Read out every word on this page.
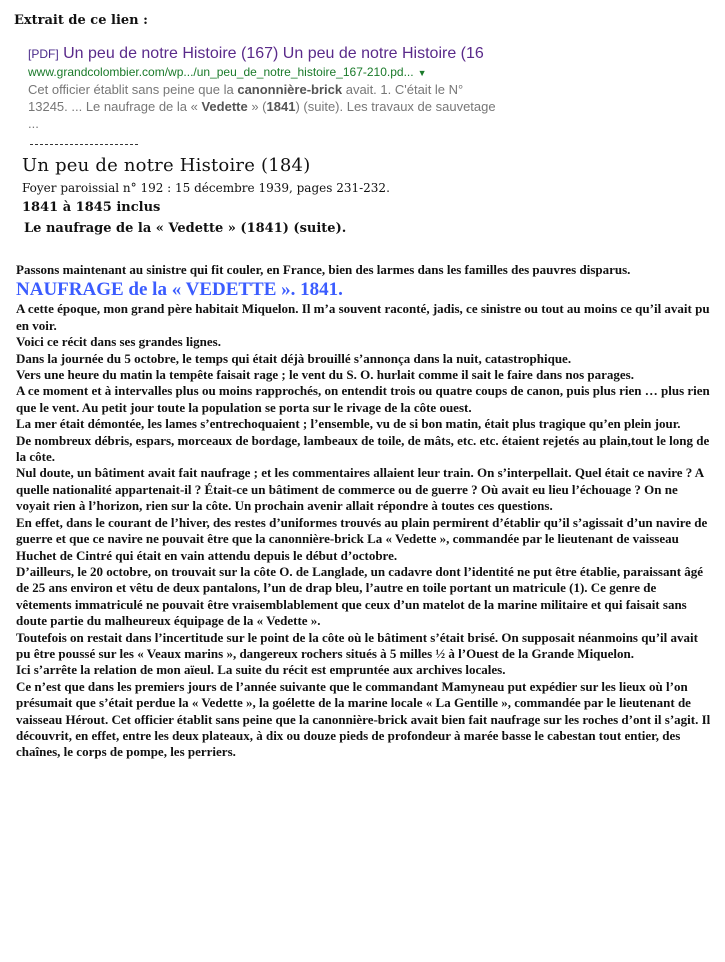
Extrait de ce lien :
[PDF] Un peu de notre Histoire (167) Un peu de notre Histoire (16
www.grandcolombier.com/wp.../un_peu_de_notre_histoire_167-210.pd... ▼
Cet officier établit sans peine que la canonnière-brick avait. 1. C'était le N° 13245. ... Le naufrage de la « Vedette » (1841) (suite). Les travaux de sauvetage ...
Un peu de notre Histoire (184)
Foyer paroissial n° 192 : 15 décembre 1939, pages 231-232.
1841 à 1845 inclus
Le naufrage de la « Vedette » (1841) (suite).

Passons maintenant au sinistre qui fit couler, en France, bien des larmes dans les familles des pauvres disparus.

NAUFRAGE de la « VEDETTE ». 1841.

A cette époque, mon grand père habitait Miquelon. Il m’a souvent raconté, jadis, ce sinistre ou tout au moins ce qu’il avait pu en voir.

Voici ce récit dans ses grandes lignes.

Dans la journée du 5 octobre, le temps qui était déjà brouillé s’annonça dans la nuit, catastrophique.

Vers une heure du matin la tempête faisait rage ; le vent du S. O. hurlait comme il sait le faire dans nos parages.

A ce moment et à intervalles plus ou moins rapprochés, on entendit trois ou quatre coups de canon, puis plus rien … plus rien que le vent. Au petit jour toute la population se porta sur le rivage de la côte ouest.

La mer était démontée, les lames s’entrechoquaient ; l’ensemble, vu de si bon matin, était plus tragique qu’en plein jour.

De nombreux débris, espars, morceaux de bordage, lambeaux de toile, de mâts, etc. etc. étaient rejetés au plain,tout le long de la côte.

Nul doute, un bâtiment avait fait naufrage ; et les commentaires allaient leur train. On s’interpellait. Quel était ce navire ? A quelle nationalité appartenait-il ? Était-ce un bâtiment de commerce ou de guerre ? Où avait eu lieu l’échouage ? On ne voyait rien à l’horizon, rien sur la côte. Un prochain avenir allait répondre à toutes ces questions.

En effet, dans le courant de l’hiver, des restes d’uniformes trouvés au plain permirent d’établir qu’il s’agissait d’un navire de guerre et que ce navire ne pouvait être que la canonnière-brick La « Vedette », commandée par le lieutenant de vaisseau Huchet de Cintré qui était en vain attendu depuis le début d’octobre.

D’ailleurs, le 20 octobre, on trouvait sur la côte O. de Langlade, un cadavre dont l’identité ne put être établie, paraissant âgé de 25 ans environ et vêtu de deux pantalons, l’un de drap bleu, l’autre en toile portant un matricule (1). Ce genre de vêtements immatriculé ne pouvait être vraisemblablement que ceux d’un matelot de la marine militaire et qui faisait sans doute partie du malheureux équipage de la « Vedette ».

Toutefois on restait dans l’incertitude sur le point de la côte où le bâtiment s’était brisé. On supposait néanmoins qu’il avait pu être poussé sur les « Veaux marins », dangereux rochers situés à 5 milles ½ à l’Ouest de la Grande Miquelon.

Ici s’arrête la relation de mon aïeul. La suite du récit est empruntée aux archives locales.

Ce n’est que dans les premiers jours de l’année suivante que le commandant Mamyneau put expédier sur les lieux où l’on présumait que s’était perdue la « Vedette », la goélette de la marine locale « La Gentille », commandée par le lieutenant de vaisseau Hérout. Cet officier établit sans peine que la canonnière-brick avait bien fait naufrage sur les roches d’ont il s’agit. Il découvrit, en effet, entre les deux plateaux, à dix ou douze pieds de profondeur à marée basse le cabestan tout entier, des chaînes, le corps de pompe, les perriers.
